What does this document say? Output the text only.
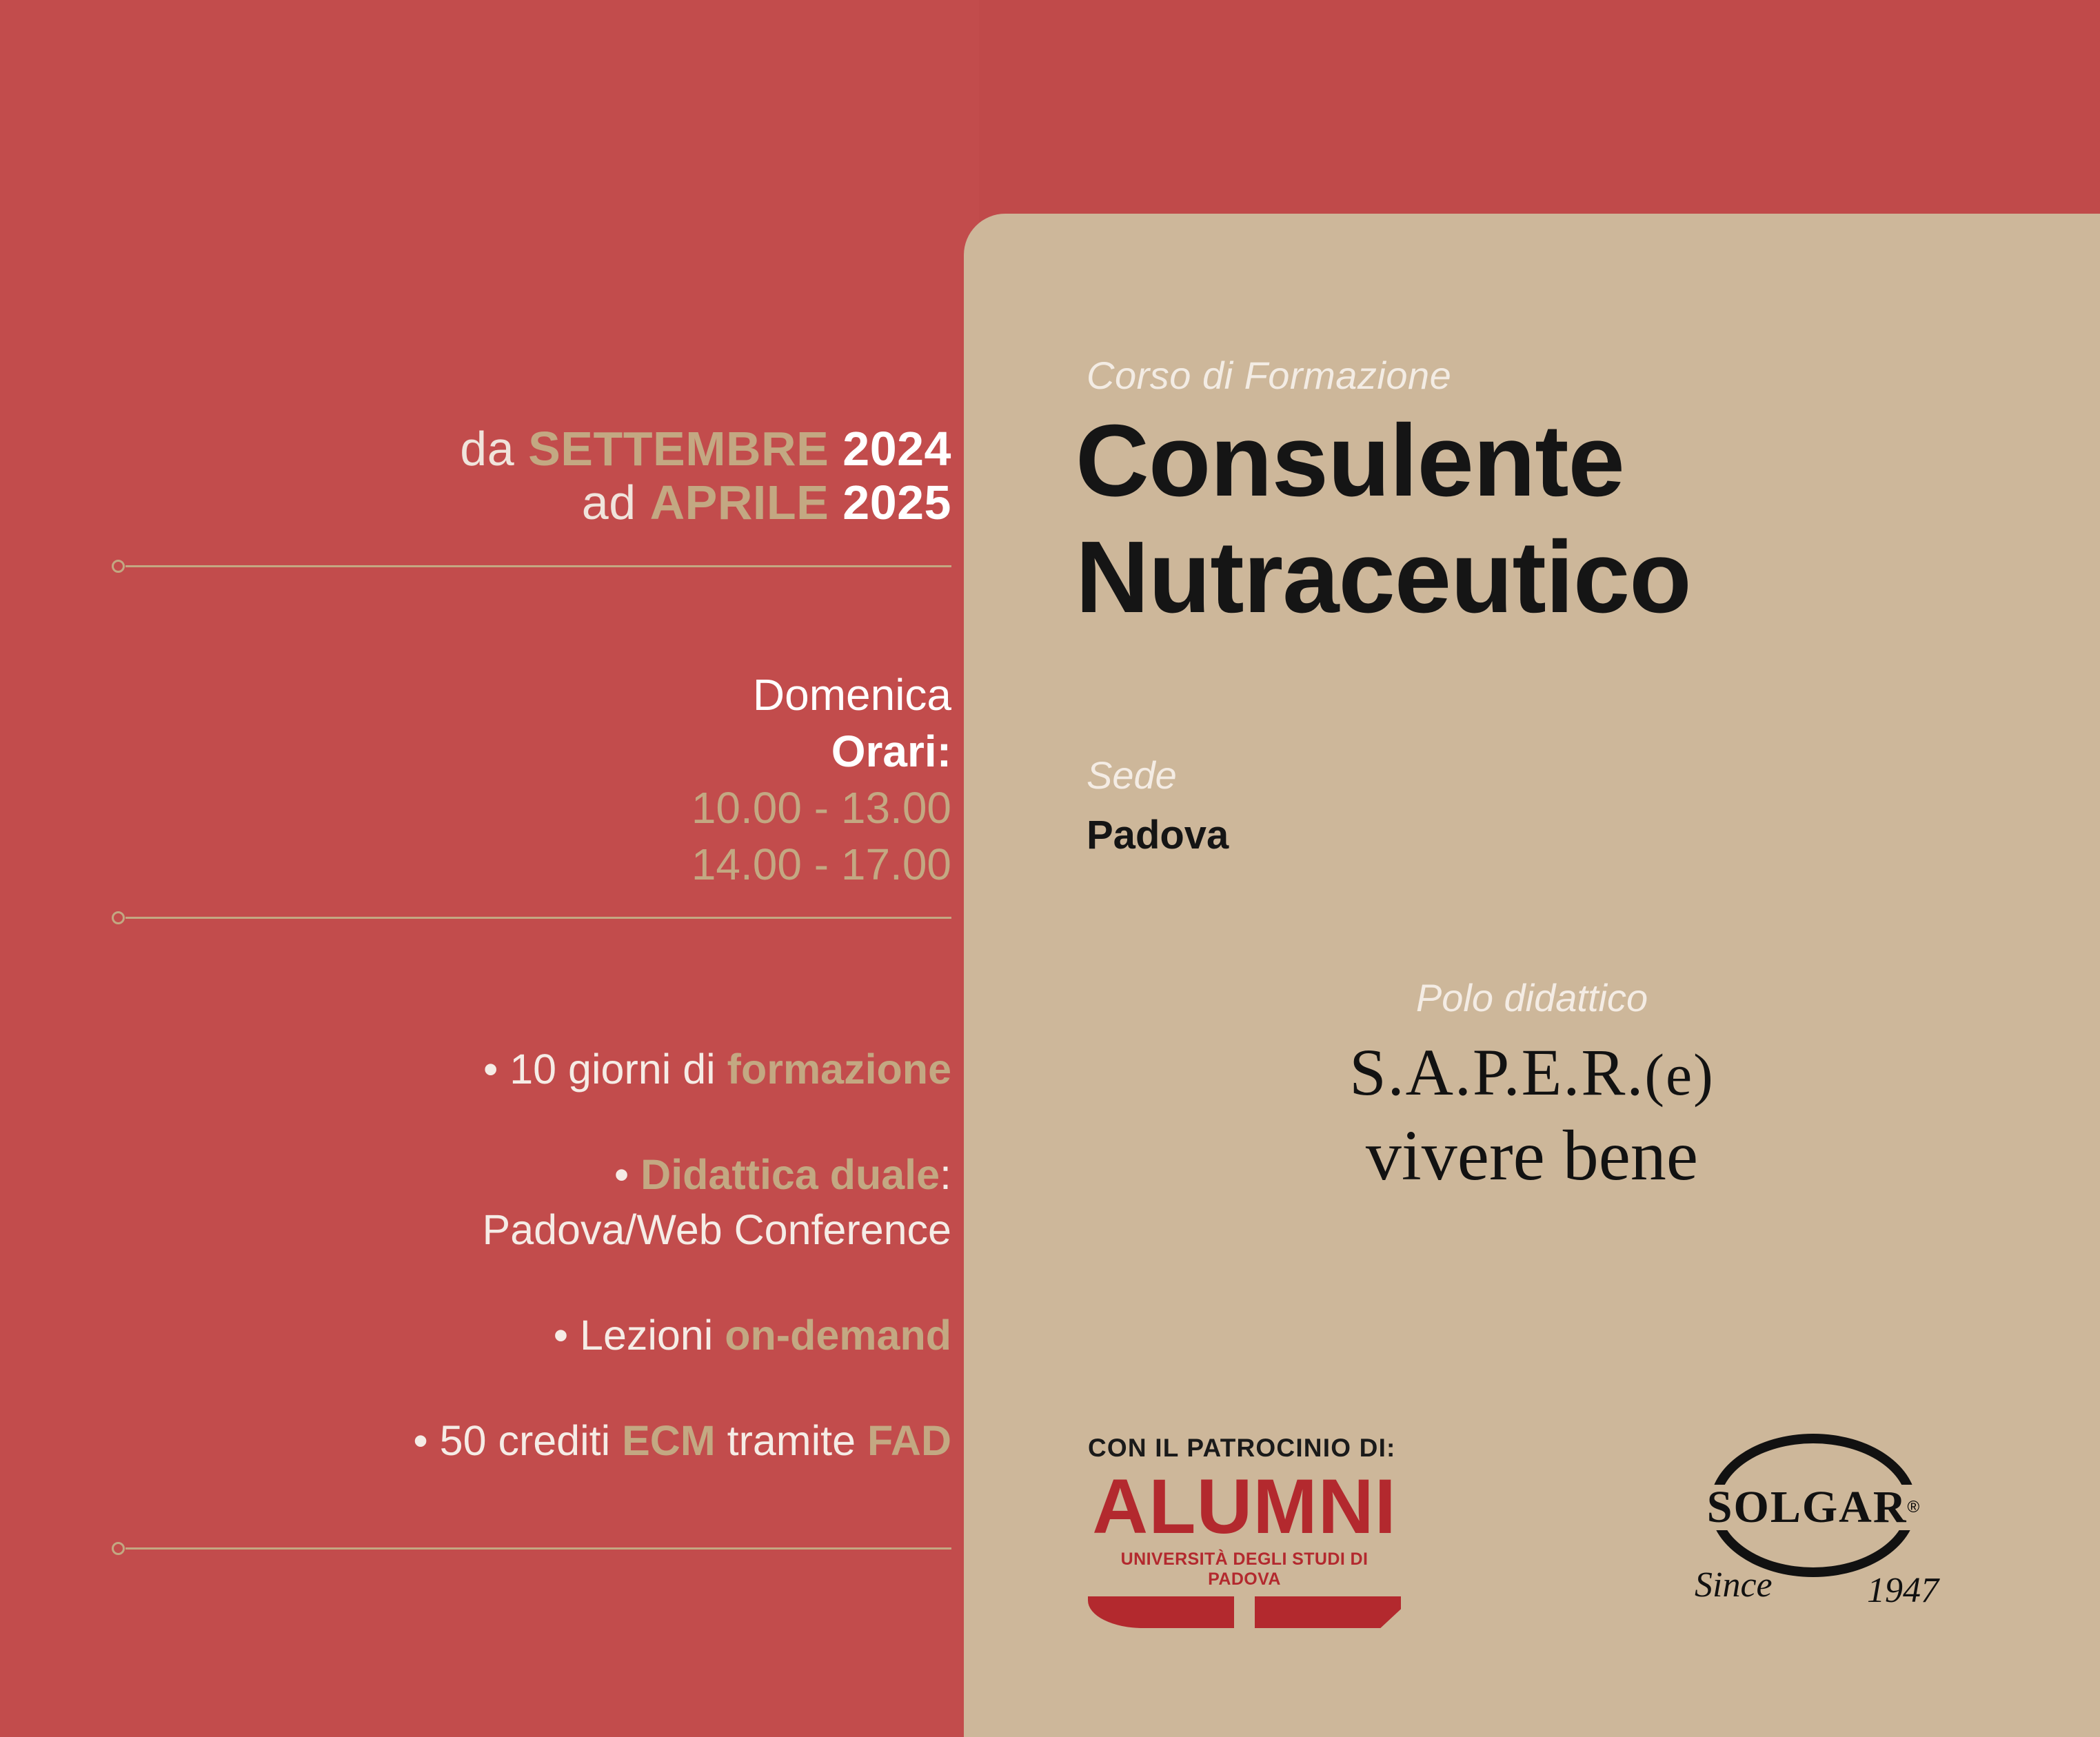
da SETTEMBRE 2024
ad APRILE 2025
Domenica
Orari:
10.00 - 13.00
14.00 - 17.00
• 10 giorni di formazione
• Didattica duale:
Padova/Web Conference
• Lezioni on-demand
• 50 crediti ECM tramite FAD
Corso di Formazione
Consulente
Nutraceutico
Sede
Padova
Polo didattico
S.A.P.E.R.(e)
vivere bene
CON IL PATROCINIO DI:
ALUMNI
UNIVERSITÀ DEGLI STUDI DI PADOVA
SOLGAR ®
Since	1947
